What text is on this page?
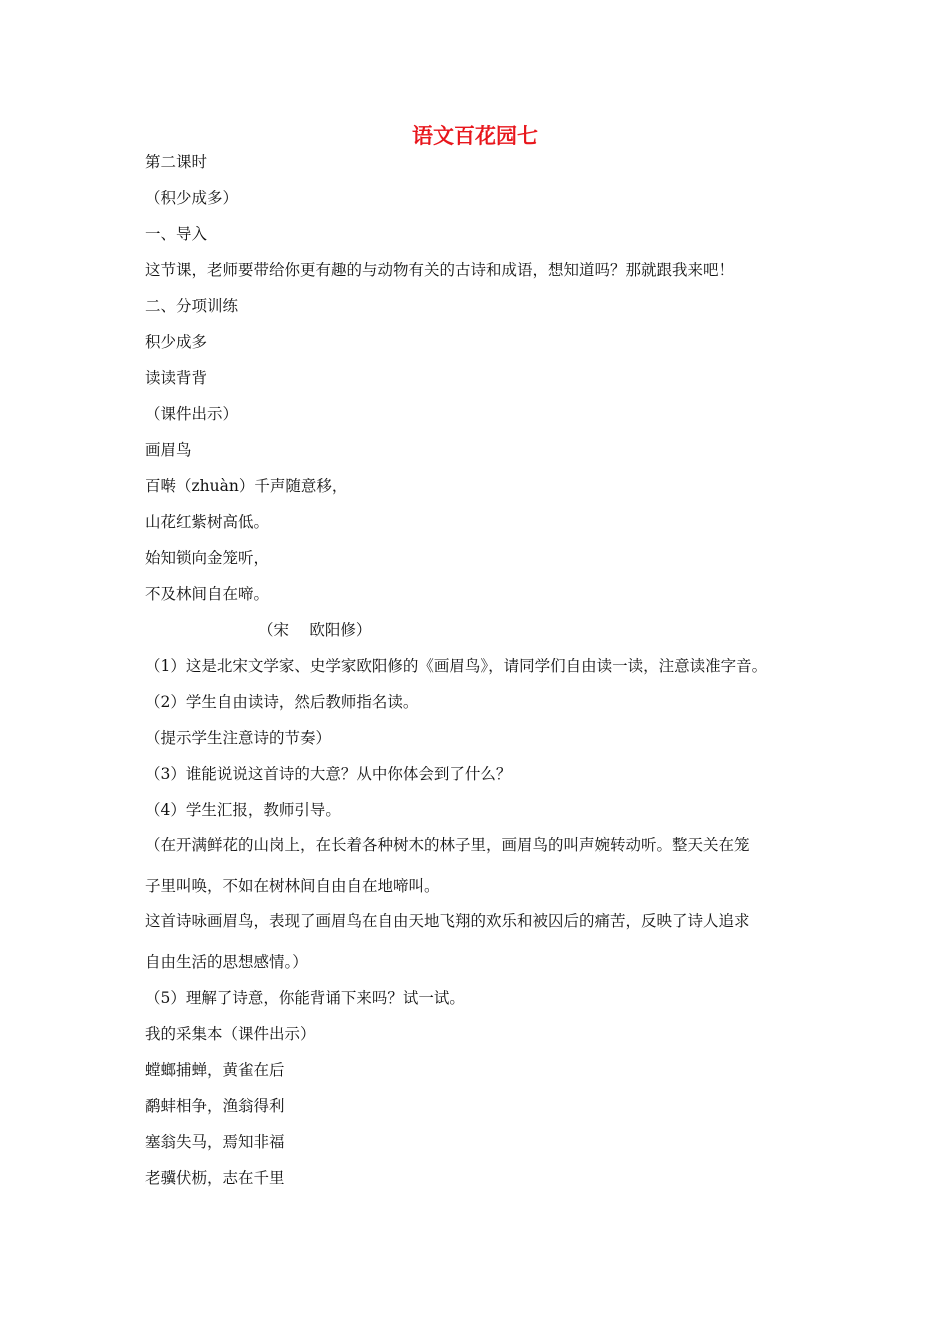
语文百花园七
第二课时
（积少成多）
一、导入
这节课，老师要带给你更有趣的与动物有关的古诗和成语，想知道吗？那就跟我来吧！
二、分项训练
积少成多
读读背背
（课件出示）
画眉鸟
百啭（zhuàn）千声随意移，
山花红紫树高低。
始知锁向金笼听，
不及林间自在啼。
（宋　 欧阳修）
（1）这是北宋文学家、史学家欧阳修的《画眉鸟》，请同学们自由读一读，注意读准字音。
（2）学生自由读诗，然后教师指名读。
（提示学生注意诗的节奏）
（3）谁能说说这首诗的大意？从中你体会到了什么？
（4）学生汇报，教师引导。
（在开满鲜花的山岗上，在长着各种树木的林子里，画眉鸟的叫声婉转动听。整天关在笼
子里叫唤，不如在树林间自由自在地啼叫。
这首诗咏画眉鸟，表现了画眉鸟在自由天地飞翔的欢乐和被囚后的痛苦，反映了诗人追求
自由生活的思想感情。）
（5）理解了诗意，你能背诵下来吗？试一试。
我的采集本（课件出示）
螳螂捕蝉，黄雀在后
鹬蚌相争，渔翁得利
塞翁失马，焉知非福
老骥伏枥，志在千里
